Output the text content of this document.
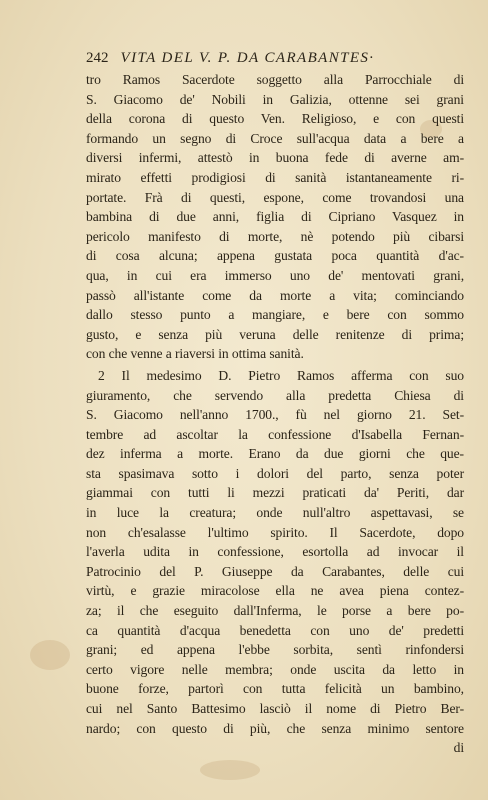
242 VITA DEL V. P. DA CARABANTES·
tro Ramos Sacerdote soggetto alla Parrocchiale di
S. Giacomo de' Nobili in Galizia, ottenne sei grani
della corona di questo Ven. Religioso, e con questi
formando un segno di Croce sull'acqua data a bere a
diversi infermi, attestò in buona fede di averne am-
mirato effetti prodigiosi di sanità istantaneamente ri-
portate. Frà di questi, espone, come trovandosi una
bambina di due anni, figlia di Cipriano Vasquez in
pericolo manifesto di morte, nè potendo più cibarsi
di cosa alcuna; appena gustata poca quantità d'ac-
qua, in cui era immerso uno de' mentovati grani,
passò all'istante come da morte a vita; cominciando
dallo stesso punto a mangiare, e bere con sommo
gusto, e senza più veruna delle renitenze di prima;
con che venne a riaversi in ottima sanità.
2 Il medesimo D. Pietro Ramos afferma con suo
giuramento, che servendo alla predetta Chiesa di
S. Giacomo nell'anno 1700., fù nel giorno 21. Set-
tembre ad ascoltar la confessione d'Isabella Fernan-
dez inferma a morte. Erano da due giorni che que-
sta spasimava sotto i dolori del parto, senza poter
giammai con tutti li mezzi praticati da' Periti, dar
in luce la creatura; onde null'altro aspettavasi, se
non ch'esalasse l'ultimo spirito. Il Sacerdote, dopo
l'averla udita in confessione, esortolla ad invocar il
Patrocinio del P. Giuseppe da Carabantes, delle cui
virtù, e grazie miracolose ella ne avea piena contez-
za; il che eseguito dall'Inferma, le porse a bere po-
ca quantità d'acqua benedetta con uno de' predetti
grani; ed appena l'ebbe sorbita, sentì rinfondersi
certo vigore nelle membra; onde uscita da letto in
buone forze, partorì con tutta felicità un bambino,
cui nel Santo Battesimo lasciò il nome di Pietro Ber-
nardo; con questo di più, che senza minimo sentore
di
